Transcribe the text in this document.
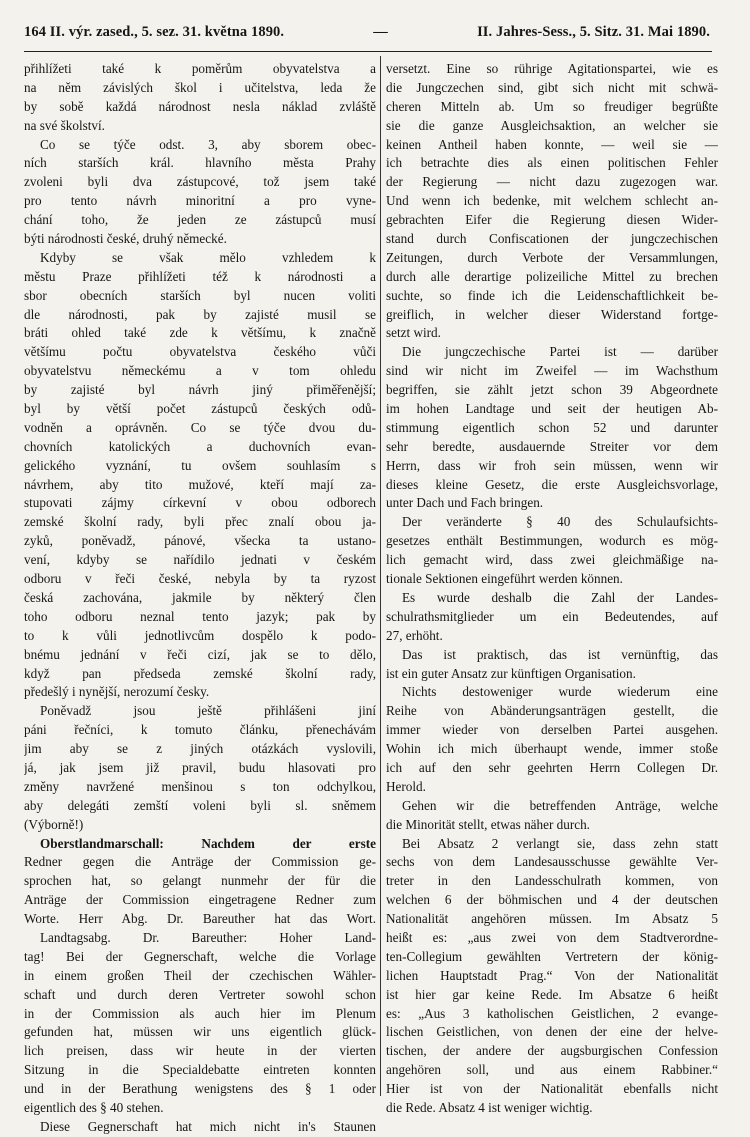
164 II. výr. zased., 5. sez. 31. května 1890.	—	II. Jahres-Sess., 5. Sitz. 31. Mai 1890.
přihlížeti také k poměrům obyvatelstva a
na něm závislých škol i učitelstva, leda že
by sobě každá národnost nesla náklad zvláště
na své školství.
Co se týče odst. 3, aby sborem obec-
ních starších král. hlavního města Prahy
zvoleni byli dva zástupcové, tož jsem také
pro tento návrh minoritní a pro vyne-
chání toho, že jeden ze zástupců musí
býti národnosti české, druhý německé.
Kdyby se však mělo vzhledem k
městu Praze přihlížeti též k národnosti a
sbor obecních starších byl nucen voliti
dle národnosti, pak by zajisté musil se
bráti ohled také zde k většímu, k značně
většímu počtu obyvatelstva českého vůči
obyvatelstvu německému a v tom ohledu
by zajisté byl návrh jiný přiměřenější;
byl by větší počet zástupců českých odů-
vodněn a oprávněn. Co se týče dvou du-
chovních katolických a duchovních evan-
gelického vyznání, tu ovšem souhlasím s
návrhem, aby tito mužové, kteří mají za-
stupovati zájmy církevní v obou odborech
zemské školní rady, byli přec znalí obou ja-
zyků, poněvadž, pánové, všecka ta ustano-
vení, kdyby se nařídilo jednati v českém
odboru v řeči české, nebyla by ta ryzost
česká zachována, jakmile by některý člen
toho odboru neznal tento jazyk; pak by
to k vůli jednotlivcům dospělo k podo-
bnému jednání v řeči cizí, jak se to dělo,
když pan předseda zemské školní rady,
předešlý i nynější, nerozumí česky.
Poněvadž jsou ještě přihlášeni jiní
páni řečníci, k tomuto článku, přenechávám
jim aby se z jiných otázkách vyslovili,
já, jak jsem již pravil, budu hlasovati pro
změny navržené menšinou s ton odchylkou,
aby delegáti zemští voleni byli sl. sněmem
(Výborně!)
Oberstlandmarschall: Nachdem der erste
Redner gegen die Anträge der Commission ge-
sprochen hat, so gelangt nunmehr der für die
Anträge der Commission eingetragene Redner zum
Worte. Herr Abg. Dr. Bareuther hat das Wort.
Landtagsabg. Dr. Bareuther: Hoher Land-
tag! Bei der Gegnerschaft, welche die Vorlage
in einem großen Theil der czechischen Wähler-
schaft und durch deren Vertreter sowohl schon
in der Commission als auch hier im Plenum
gefunden hat, müssen wir uns eigentlich glück-
lich preisen, dass wir heute in der vierten
Sitzung in die Specialdebatte eintreten konnten
und in der Berathung wenigstens des § 1 oder
eigentlich des § 40 stehen.
Diese Gegnerschaft hat mich nicht in's Staunen
versetzt. Eine so rührige Agitationspartei, wie es
die Jungczechen sind, gibt sich nicht mit schwä-
cheren Mitteln ab. Um so freudiger begrüßte
sie die ganze Ausgleichsaktion, an welcher sie
keinen Antheil haben konnte, — weil sie —
ich betrachte dies als einen politischen Fehler
der Regierung — nicht dazu zugezogen war.
Und wenn ich bedenke, mit welchem schlecht an-
gebrachten Eifer die Regierung diesen Wider-
stand durch Confiscationen der jungczechischen
Zeitungen, durch Verbote der Versammlungen,
durch alle derartige polizeiliche Mittel zu brechen
suchte, so finde ich die Leidenschaftlichkeit be-
greiflich, in welcher dieser Widerstand fortge-
setzt wird.
Die jungczechische Partei ist — darüber
sind wir nicht im Zweifel — im Wachsthum
begriffen, sie zählt jetzt schon 39 Abgeordnete
im hohen Landtage und seit der heutigen Ab-
stimmung eigentlich schon 52 und darunter
sehr beredte, ausdauernde Streiter vor dem
Herrn, dass wir froh sein müssen, wenn wir
dieses kleine Gesetz, die erste Ausgleichsvorlage,
unter Dach und Fach bringen.
Der veränderte § 40 des Schulaufsichts-
gesetzes enthält Bestimmungen, wodurch es mög-
lich gemacht wird, dass zwei gleichmäßige na-
tionale Sektionen eingeführt werden können.
Es wurde deshalb die Zahl der Landes-
schulrathsmitglieder um ein Bedeutendes, auf
27, erhöht.
Das ist praktisch, das ist vernünftig, das
ist ein guter Ansatz zur künftigen Organisation.
Nichts destoweniger wurde wiederum eine
Reihe von Abänderungsanträgen gestellt, die
immer wieder von derselben Partei ausgehen.
Wohin ich mich überhaupt wende, immer stoße
ich auf den sehr geehrten Herrn Collegen Dr.
Herold.
Gehen wir die betreffenden Anträge, welche
die Minorität stellt, etwas näher durch.
Bei Absatz 2 verlangt sie, dass zehn statt
sechs von dem Landesausschusse gewählte Ver-
treter in den Landesschulrath kommen, von
welchen 6 der böhmischen und 4 der deutschen
Nationalität angehören müssen. Im Absatz 5
heißt es: „aus zwei von dem Stadtverordne-
ten-Collegium gewählten Vertretern der könig-
lichen Hauptstadt Prag.“ Von der Nationalität
ist hier gar keine Rede. Im Absatze 6 heißt
es: „Aus 3 katholischen Geistlichen, 2 evange-
lischen Geistlichen, von denen der eine der helve-
tischen, der andere der augsburgischen Confession
angehören soll, und aus einem Rabbiner.“
Hier ist von der Nationalität ebenfalls nicht
die Rede. Absatz 4 ist weniger wichtig.
